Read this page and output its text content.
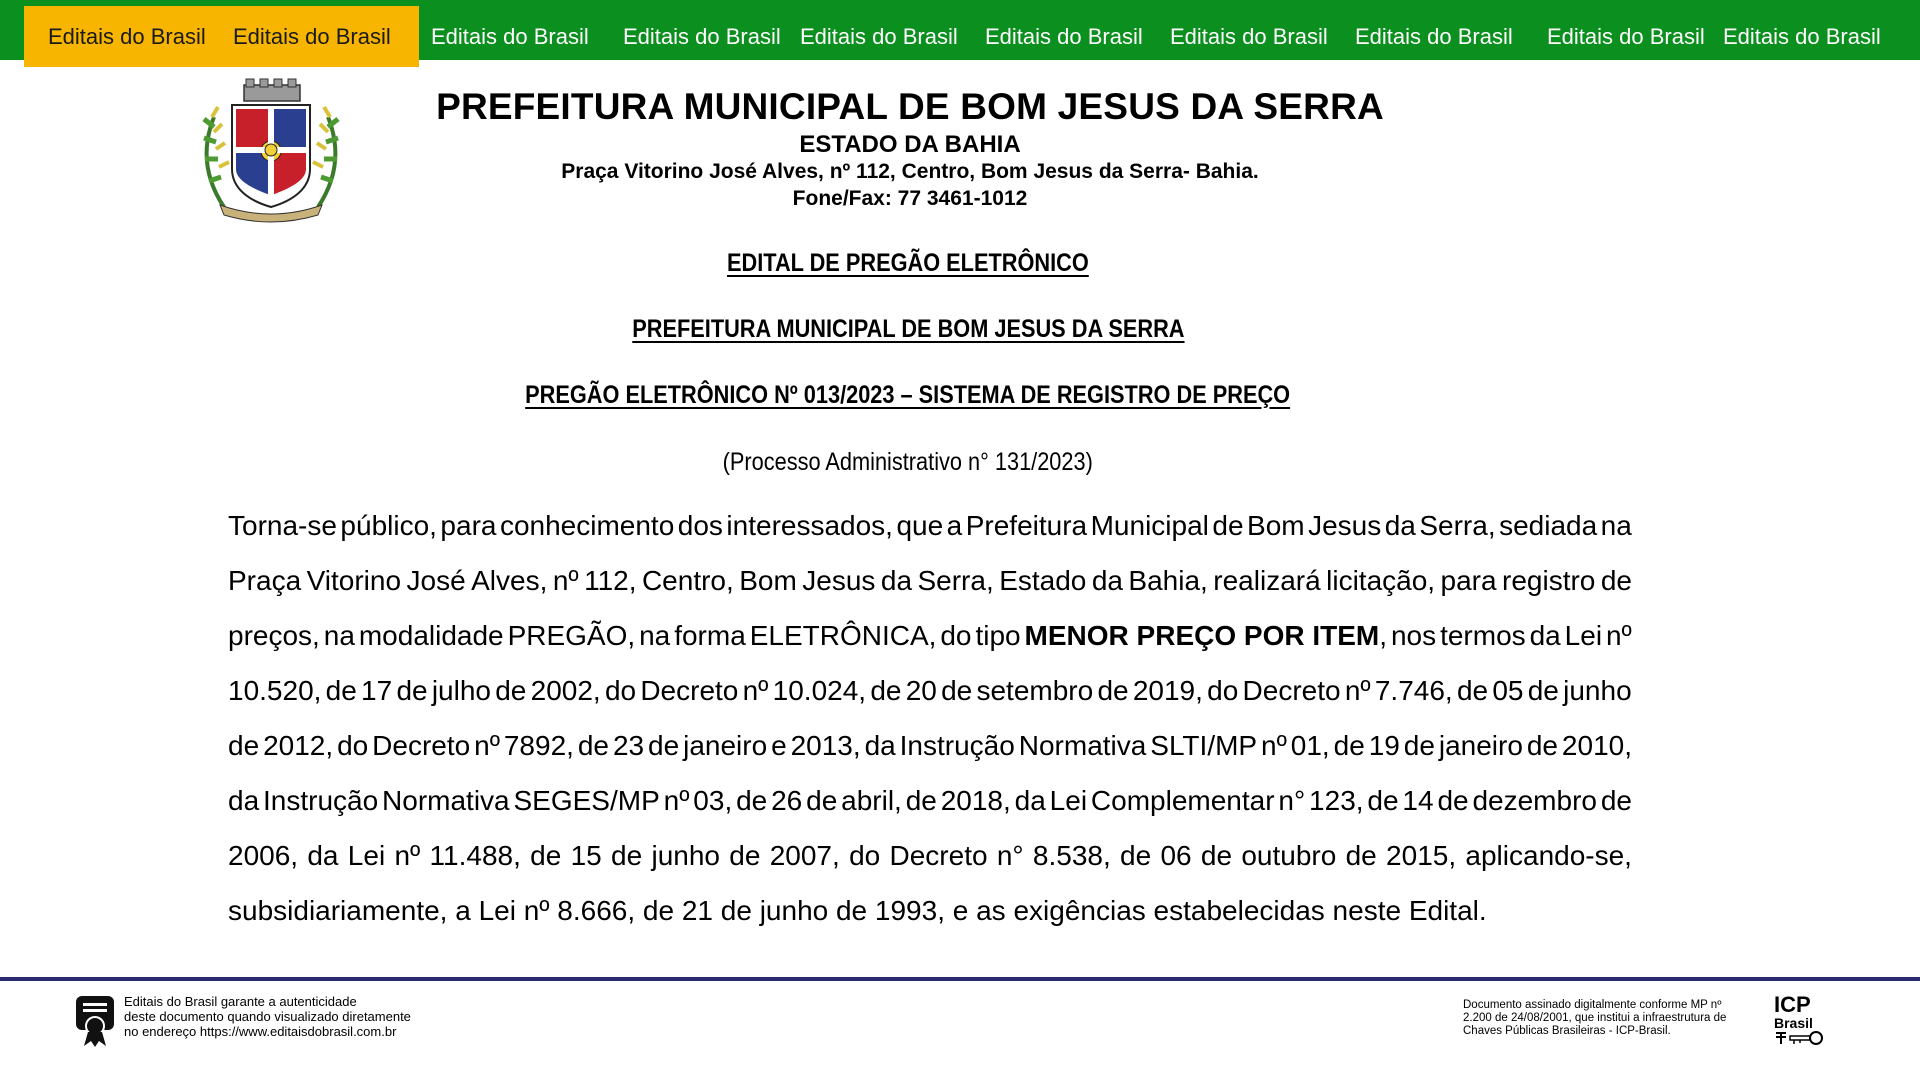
Editais do Brasil Editais do Brasil Editais do Brasil Editais do Brasil Editais do Brasil Editais do Brasil Editais do Brasil Editais do Brasil Editais do Brasil Editais do Brasil
PREFEITURA MUNICIPAL DE BOM JESUS DA SERRA
ESTADO DA BAHIA
Praça Vitorino José Alves, nº 112, Centro, Bom Jesus da Serra- Bahia.
Fone/Fax: 77 3461-1012
EDITAL DE PREGÃO ELETRÔNICO
PREFEITURA MUNICIPAL DE BOM JESUS DA SERRA
PREGÃO ELETRÔNICO Nº 013/2023 – SISTEMA DE REGISTRO DE PREÇO
(Processo Administrativo n° 131/2023)
Torna-se público, para conhecimento dos interessados, que a Prefeitura Municipal de Bom Jesus da Serra, sediada na
Praça Vitorino José Alves, nº 112, Centro, Bom Jesus da Serra, Estado da Bahia, realizará licitação, para registro de
preços, na modalidade PREGÃO, na forma ELETRÔNICA, do tipo MENOR PREÇO POR ITEM, nos termos da Lei nº
10.520, de 17 de julho de 2002, do Decreto nº 10.024, de 20 de setembro de 2019, do Decreto nº 7.746, de 05 de junho
de 2012, do Decreto nº 7892, de 23 de janeiro e 2013, da Instrução Normativa SLTI/MP nº 01, de 19 de janeiro de 2010,
da Instrução Normativa SEGES/MP nº 03, de 26 de abril, de 2018, da Lei Complementar n° 123, de 14 de dezembro de
2006, da Lei nº 11.488, de 15 de junho de 2007, do Decreto n° 8.538, de 06 de outubro de 2015, aplicando-se,
subsidiariamente, a Lei nº 8.666, de 21 de junho de 1993, e as exigências estabelecidas neste Edital.
Editais do Brasil garante a autenticidade
deste documento quando visualizado diretamente
no endereço https://www.editaisdobrasil.com.br
Documento assinado digitalmente conforme MP nº
2.200 de 24/08/2001, que institui a infraestrutura de
Chaves Públicas Brasileiras - ICP-Brasil.
ICP
Brasil
